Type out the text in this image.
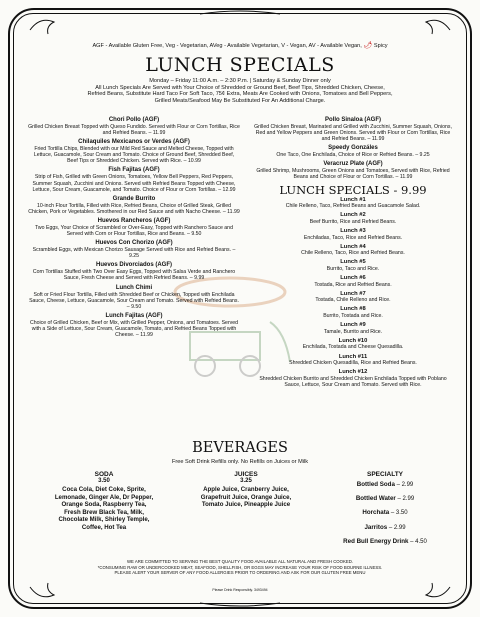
AGF - Available Gluten Free, Veg - Vegetarian, AVeg - Available Vegetarian, V - Vegan, AV - Available Vegan, 🌶 Spicy
LUNCH SPECIALS
Monday – Friday 11:00 A.m. – 2:30 P.m. | Saturday & Sunday Dinner only
All Lunch Specials Are Served with Your Choice of Shredded or Ground Beef, Beef Tips, Shredded Chicken, Cheese,
Refried Beans, Substitute Hard Taco For Soft Taco, 75¢ Extra, Meats Are Cooked with Onions, Tomatoes and Bell Peppers,
Grilled Meats/Seafood May Be Substituted For An Additional Charge.
Chori Pollo (AGF)
Grilled Chicken Breast Topped with Queso Fundido. Served with Flour or Corn Tortillas, Rice and Refried Beans. – 11.99
Chilaquiles Mexicanos or Verdes (AGF)
Fried Tortilla Chips, Blended with our Mild Red Sauce and Melted Cheese, Topped with Lettuce, Guacamole, Sour Cream and Tomato. Choice of Ground Beef, Shredded Beef, Beef Tips or Shredded Chicken. Served with Rice. – 10.99
Fish Fajitas (AGF)
Strip of Fish, Grilled with Green Onions, Tomatoes, Yellow Bell Peppers, Red Peppers, Summer Squash, Zucchini and Onions. Served with Refried Beans Topped with Cheese, Lettuce, Sour Cream, Guacamole, and Tomato. Choice of Flour or Corn Tortillas. – 12.99
Grande Burrito
10-inch Flour Tortilla, Filled with Rice, Refried Beans, Choice of Grilled Steak, Grilled Chicken, Pork or Vegetables. Smothered in our Red Sauce and with Nacho Cheese. – 11.99
Huevos Rancheros (AGF)
Two Eggs, Your Choice of Scrambled or Over-Easy, Topped with Ranchero Sauce and Served with Corn or Flour Tortillas, Rice and Beans. – 9.50
Huevos Con Chorizo (AGF)
Scrambled Eggs, with Mexican Chorizo Sausage Served with Rice and Refried Beans. – 9.25
Huevos Divorciados (AGF)
Corn Tortillas Stuffed with Two Over Easy Eggs, Topped with Salsa Verde and Ranchero Sauce, Fresh Cheese and Served with Refried Beans. – 9.99
Lunch Chimi
Soft or Fried Flour Tortilla, Filled with Shredded Beef or Chicken, Topped with Enchilada Sauce, Cheese, Lettuce, Guacamole, Sour Cream and Tomato. Served with Refried Beans. – 9.50
Lunch Fajitas (AGF)
Choice of Grilled Chicken, Beef or Mix, with Grilled Pepper, Onions, and Tomatoes. Served with a Side of Lettuce, Sour Cream, Guacamole, Tomato, and Refried Beans Topped with Cheese. – 11.99
Pollo Sinaloa (AGF)
Grilled Chicken Breast, Marinated and Grilled with Zucchini, Summer Squash, Onions, Red and Yellow Peppers and Green Onions. Served with Flour or Corn Tortillas, Rice and Refried Beans. – 11.99
Speedy Gonzáles
One Taco, One Enchilada, Choice of Rice or Refried Beans. – 9.25
Veracruz Plate (AGF)
Grilled Shrimp, Mushrooms, Green Onions and Tomatoes, Served with Rice, Refried Beans and Choice of Flour or Corn Tortillas. – 11.99
LUNCH SPECIALS - 9.99
Lunch #1
Chile Relleno, Taco, Refried Beans and Guacamole Salad.
Lunch #2
Beef Burrito, Rice and Refried Beans.
Lunch #3
Enchiladas, Taco, Rice and Refried Beans.
Lunch #4
Chile Relleno, Taco, Rice and Refried Beans.
Lunch #5
Burrito, Taco and Rice.
Lunch #6
Tostada, Rice and Refried Beans.
Lunch #7
Tostada, Chile Relleno and Rice.
Lunch #8
Burrito, Tostada and Rice.
Lunch #9
Tamale, Burrito and Rice.
Lunch #10
Enchilada, Tostada and Cheese Quesadilla.
Lunch #11
Shredded Chicken Quesadilla, Rice and Refried Beans.
Lunch #12
Shredded Chicken Burrito and Shredded Chicken Enchilada Topped with Poblano Sauce, Lettuce, Sour Cream and Tomato. Served with Rice.
BEVERAGES
Free Soft Drink Refills only. No Refills on Juices or Milk
SODA
3.50
Coca Cola, Diet Coke, Sprite,
Lemonade, Ginger Ale, Dr Pepper,
Orange Soda, Raspberry Tea,
Fresh Brew Black Tea, Milk,
Chocolate Milk, Shirley Temple,
Coffee, Hot Tea
JUICES
3.25
Apple Juice, Cranberry Juice,
Grapefruit Juice, Orange Juice,
Tomato Juice, Pineapple Juice
SPECIALTY
Bottled Soda – 2.99
Bottled Water – 2.99
Horchata – 3.50
Jarritos – 2.99
Red Bull Energy Drink – 4.50
WE ARE COMMITTED TO SERVING THE BEST QUALITY FOOD AVAILABLE ALL NATURAL AND FRESH COOKED.
*CONSUMING RAW OR UNDERCOOKED MEAT, SEAFOOD, SHELLFISH, OR EGGS MAY INCREASE YOUR RISK OF FOOD BOURNE ILLNESS.
PLEASE ALERT YOUR SERVER OF ANY FOOD ALLERGIES PRIOR TO ORDERING AND ASK FOR OUR GLUTEN FREE MENU
Please Drink Responsibly. 3493494
